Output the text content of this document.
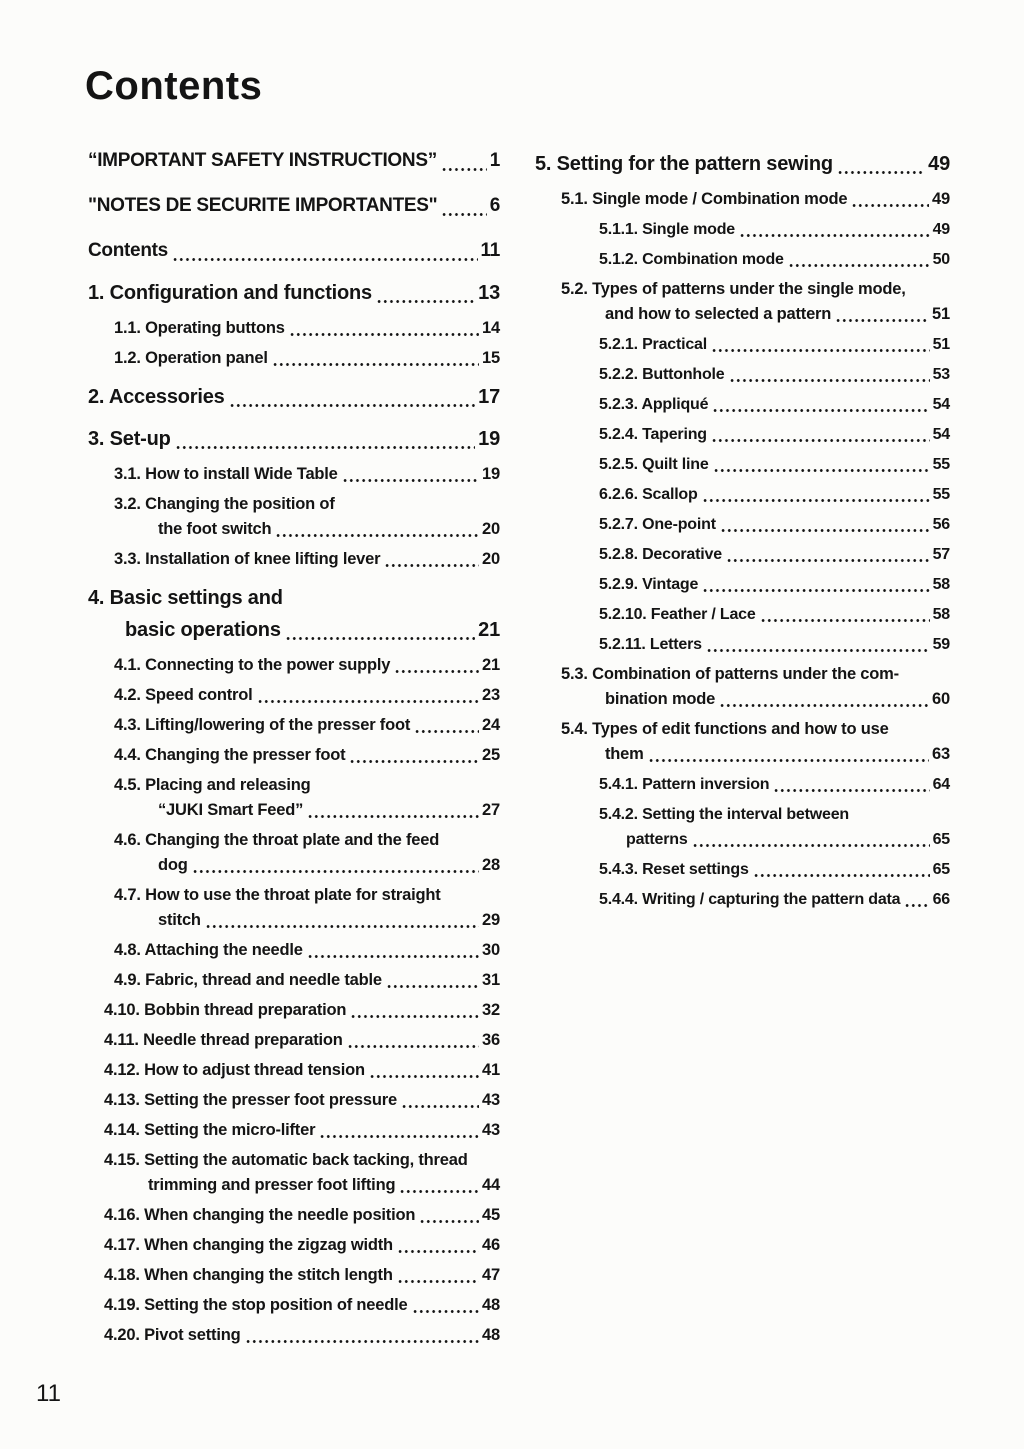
Contents
“IMPORTANT SAFETY INSTRUCTIONS”	1
"NOTES DE SECURITE IMPORTANTES"	6
Contents	11
1. Configuration and functions	13
1.1. Operating buttons	14
1.2. Operation panel	15
2. Accessories	17
3. Set-up	19
3.1. How to install Wide Table	19
3.2. Changing the position of
the foot switch	20
3.3. Installation of knee lifting lever	20
4. Basic settings and
basic operations	21
4.1. Connecting to the power supply	21
4.2. Speed control	23
4.3. Lifting/lowering of the presser foot	24
4.4. Changing the presser foot	25
4.5. Placing and releasing
“JUKI Smart Feed”	27
4.6. Changing the throat plate and the feed
dog	28
4.7. How to use the throat plate for straight
stitch	29
4.8. Attaching the needle	30
4.9. Fabric, thread and needle table	31
4.10. Bobbin thread preparation	32
4.11. Needle thread preparation	36
4.12. How to adjust thread tension	41
4.13. Setting the presser foot pressure	43
4.14. Setting the micro-lifter	43
4.15. Setting the automatic back tacking, thread
trimming and presser foot lifting	44
4.16. When changing the needle position	45
4.17. When changing the zigzag width	46
4.18. When changing the stitch length	47
4.19. Setting the stop position of needle	48
4.20. Pivot setting	48
5. Setting for the pattern sewing	49
5.1. Single mode / Combination mode	49
5.1.1. Single mode	49
5.1.2. Combination mode	50
5.2. Types of patterns under the single mode,
and how to selected a pattern	51
5.2.1. Practical	51
5.2.2. Buttonhole	53
5.2.3. Appliqué	54
5.2.4. Tapering	54
5.2.5. Quilt line	55
6.2.6. Scallop	55
5.2.7. One-point	56
5.2.8. Decorative	57
5.2.9. Vintage	58
5.2.10. Feather / Lace	58
5.2.11. Letters	59
5.3. Combination of patterns under the com-
bination mode	60
5.4. Types of edit functions and how to use
them	63
5.4.1. Pattern inversion	64
5.4.2. Setting the interval between
patterns	65
5.4.3. Reset settings	65
5.4.4. Writing / capturing the pattern data 66
11
